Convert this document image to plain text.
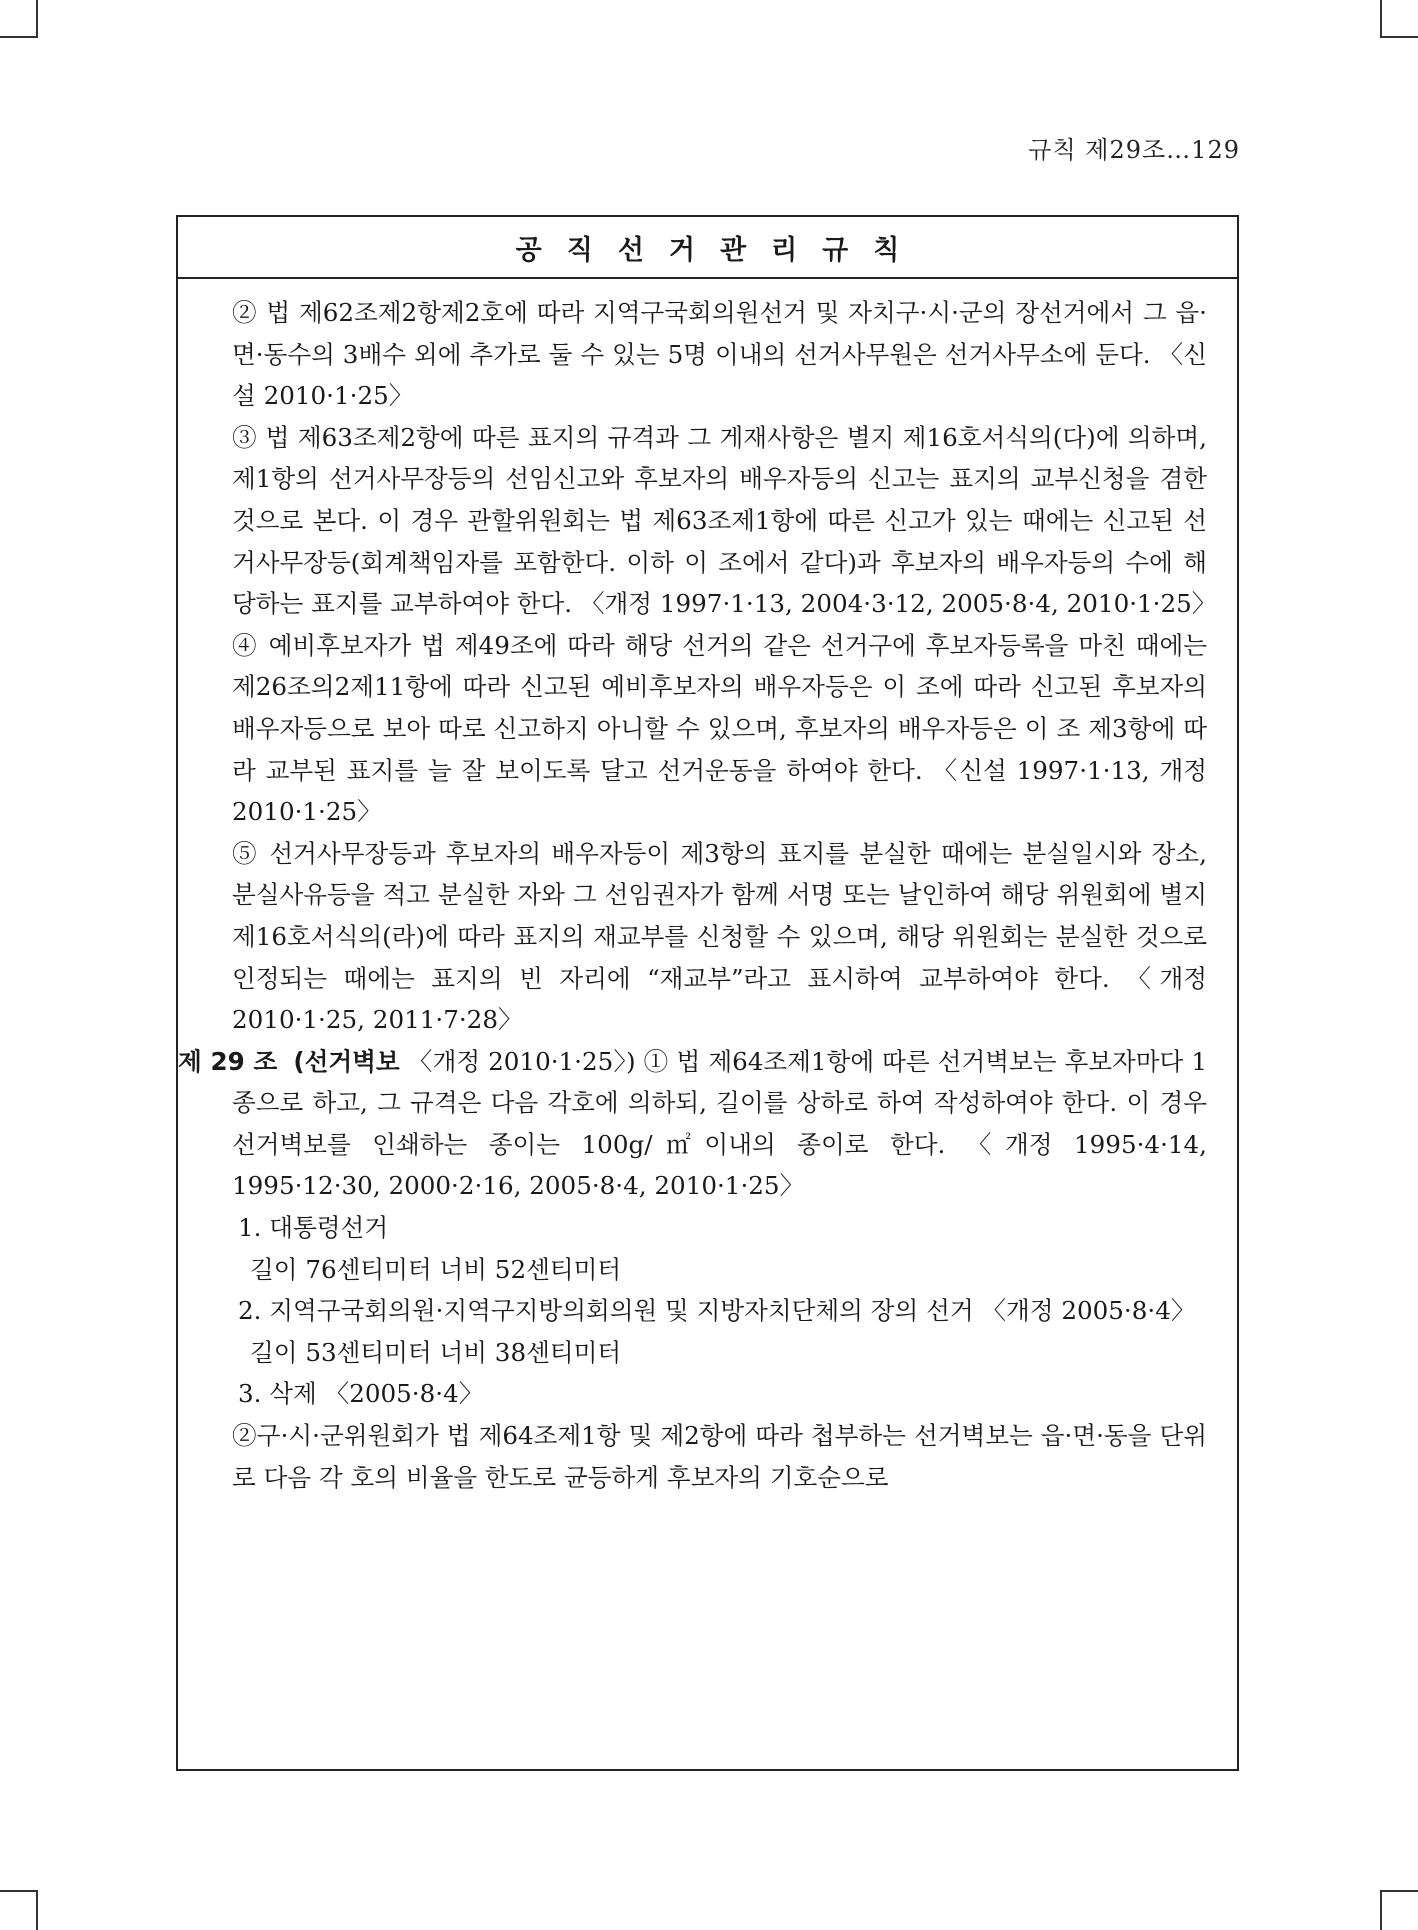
규칙 제29조…129
공직선거관리규칙
② 법 제62조제2항제2호에 따라 지역구국회의원선거 및 자치구·시·군의 장선거에서 그 읍·면·동수의 3배수 외에 추가로 둘 수 있는 5명 이내의 선거사무원은 선거사무소에 둔다. 〈신설 2010·1·25〉
③ 법 제63조제2항에 따른 표지의 규격과 그 게재사항은 별지 제16호서식의(다)에 의하며, 제1항의 선거사무장등의 선임신고와 후보자의 배우자등의 신고는 표지의 교부신청을 겸한 것으로 본다. 이 경우 관할위원회는 법 제63조제1항에 따른 신고가 있는 때에는 신고된 선거사무장등(회계책임자를 포함한다. 이하 이 조에서 같다)과 후보자의 배우자등의 수에 해당하는 표지를 교부하여야 한다. 〈개정 1997·1·13, 2004·3·12, 2005·8·4, 2010·1·25〉
④ 예비후보자가 법 제49조에 따라 해당 선거의 같은 선거구에 후보자등록을 마친 때에는 제26조의2제11항에 따라 신고된 예비후보자의 배우자등은 이 조에 따라 신고된 후보자의 배우자등으로 보아 따로 신고하지 아니할 수 있으며, 후보자의 배우자등은 이 조 제3항에 따라 교부된 표지를 늘 잘 보이도록 달고 선거운동을 하여야 한다. 〈신설 1997·1·13, 개정 2010·1·25〉
⑤ 선거사무장등과 후보자의 배우자등이 제3항의 표지를 분실한 때에는 분실일시와 장소, 분실사유등을 적고 분실한 자와 그 선임권자가 함께 서명 또는 날인하여 해당 위원회에 별지 제16호서식의(라)에 따라 표지의 재교부를 신청할 수 있으며, 해당 위원회는 분실한 것으로 인정되는 때에는 표지의 빈 자리에 “재교부”라고 표시하여 교부하여야 한다. 〈개정 2010·1·25, 2011·7·28〉
제 29 조 (선거벽보 〈개정 2010·1·25〉) ① 법 제64조제1항에 따른 선거벽보는 후보자마다 1종으로 하고, 그 규격은 다음 각호에 의하되, 길이를 상하로 하여 작성하여야 한다. 이 경우 선거벽보를 인쇄하는 종이는 100g/㎡이내의 종이로 한다. 〈개정 1995·4·14, 1995·12·30, 2000·2·16, 2005·8·4, 2010·1·25〉
1. 대통령선거
길이 76센티미터 너비 52센티미터
2. 지역구국회의원·지역구지방의회의원 및 지방자치단체의 장의 선거 〈개정 2005·8·4〉
길이 53센티미터 너비 38센티미터
3. 삭제 〈2005·8·4〉
②구·시·군위원회가 법 제64조제1항 및 제2항에 따라 첩부하는 선거벽보는 읍·면·동을 단위로 다음 각 호의 비율을 한도로 균등하게 후보자의 기호순으로
